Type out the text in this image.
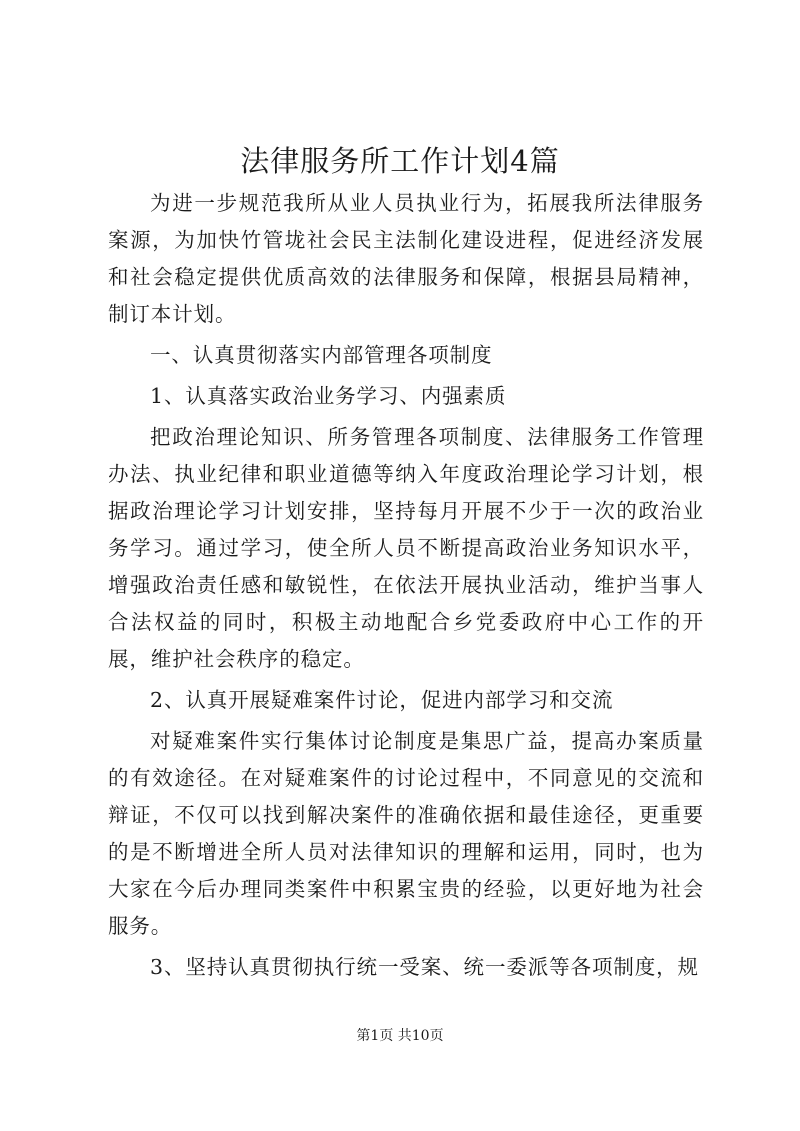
法律服务所工作计划4篇

为进一步规范我所从业人员执业行为，拓展我所法律服务案源，为加快竹管垅社会民主法制化建设进程，促进经济发展和社会稳定提供优质高效的法律服务和保障，根据县局精神，制订本计划。

一、认真贯彻落实内部管理各项制度

1、认真落实政治业务学习、内强素质

把政治理论知识、所务管理各项制度、法律服务工作管理办法、执业纪律和职业道德等纳入年度政治理论学习计划，根据政治理论学习计划安排，坚持每月开展不少于一次的政治业务学习。通过学习，使全所人员不断提高政治业务知识水平，增强政治责任感和敏锐性，在依法开展执业活动，维护当事人合法权益的同时，积极主动地配合乡党委政府中心工作的开展，维护社会秩序的稳定。

2、认真开展疑难案件讨论，促进内部学习和交流

对疑难案件实行集体讨论制度是集思广益，提高办案质量的有效途径。在对疑难案件的讨论过程中，不同意见的交流和辩证，不仅可以找到解决案件的准确依据和最佳途径，更重要的是不断增进全所人员对法律知识的理解和运用，同时，也为大家在今后办理同类案件中积累宝贵的经验，以更好地为社会服务。

3、坚持认真贯彻执行统一受案、统一委派等各项制度，规

第1页 共10页
